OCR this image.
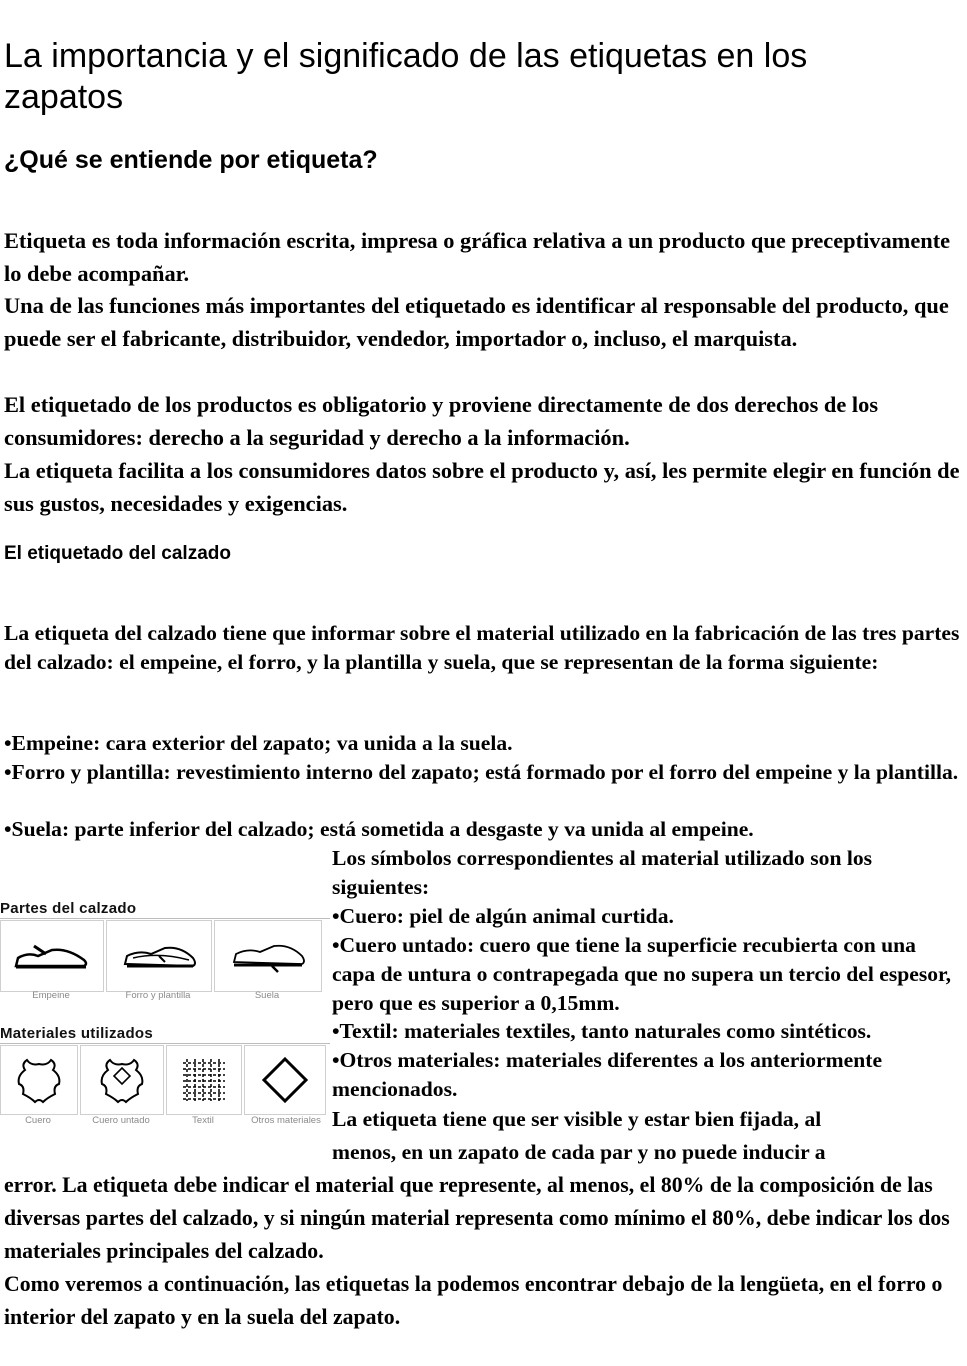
La importancia y el significado de las etiquetas en los zapatos
¿Qué se entiende por etiqueta?

Etiqueta es toda información escrita, impresa o gráfica relativa a un producto que preceptivamente lo debe acompañar.

Una de las funciones más importantes del etiquetado es identificar al responsable del producto, que puede ser el fabricante, distribuidor, vendedor, importador o, incluso, el marquista.

El etiquetado de los productos es obligatorio y proviene directamente de dos derechos de los consumidores: derecho a la seguridad y derecho a la información.

La etiqueta facilita a los consumidores datos sobre el producto y, así, les permite elegir en función de sus gustos, necesidades y exigencias.

El etiquetado del calzado

La etiqueta del calzado tiene que informar sobre el material utilizado en la fabricación de las tres partes del calzado: el empeine, el forro, y la plantilla y suela, que se representan de la forma siguiente:

•Empeine: cara exterior del zapato; va unida a la suela.

•Forro y plantilla: revestimiento interno del zapato; está formado por el forro del empeine y la plantilla.

•Suela: parte inferior del calzado; está sometida a desgaste y va unida al empeine.

Los símbolos correspondientes al material utilizado son los siguientes:

•Cuero: piel de algún animal curtida.

•Cuero untado: cuero que tiene la superficie recubierta con una capa de untura o contrapegada que no supera un tercio del espesor, pero que es superior a 0,15mm.

•Textil: materiales textiles, tanto naturales como sintéticos.

•Otros materiales: materiales diferentes a los anteriormente mencionados.

La etiqueta tiene que ser visible y estar bien fijada, al

menos, en un zapato de cada par y no puede inducir a

error. La etiqueta debe indicar el material que represente, al menos, el 80% de la composición de las diversas partes del calzado, y si ningún material representa como mínimo el 80%, debe indicar los dos materiales principales del calzado.

Como veremos a continuación, las etiquetas la podemos encontrar debajo de la lengüeta, en el forro o interior del zapato y en la suela del zapato.

Partes del calzado
Empeine	Forro y plantilla	Suela
Materiales utilizados
Cuero	Cuero untado	Textil	Otros materiales
